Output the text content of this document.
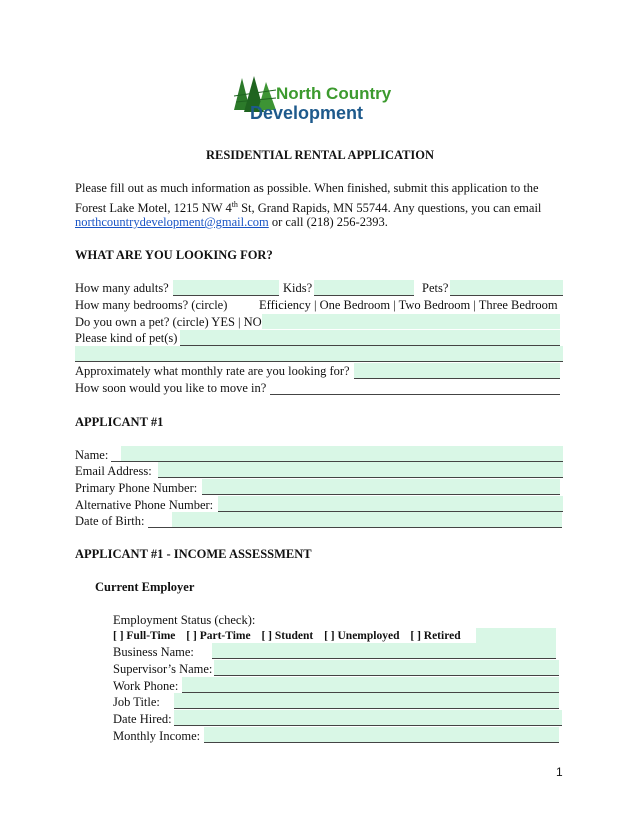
North Country
Development
RESIDENTIAL RENTAL APPLICATION
Please fill out as much information as possible. When finished, submit this application to the
Forest Lake Motel, 1215 NW 4th St, Grand Rapids, MN 55744. Any questions, you can email
northcountrydevelopment@gmail.com or call (218) 256-2393.
WHAT ARE YOU LOOKING FOR?
How many adults?	Kids?	Pets?
How many bedrooms? (circle)	Efficiency | One Bedroom | Two Bedroom | Three Bedroom
Do you own a pet? (circle) YES | NO
Please kind of pet(s)
Approximately what monthly rate are you looking for?
How soon would you like to move in?
APPLICANT #1
Name:
Email Address:
Primary Phone Number:
Alternative Phone Number:
Date of Birth:
APPLICANT #1 - INCOME ASSESSMENT
Current Employer
Employment Status (check):
[ ] Full-Time [ ] Part-Time [ ] Student [ ] Unemployed [ ] Retired
Business Name:
Supervisor’s Name:
Work Phone:
Job Title:
Date Hired:
Monthly Income:
1
